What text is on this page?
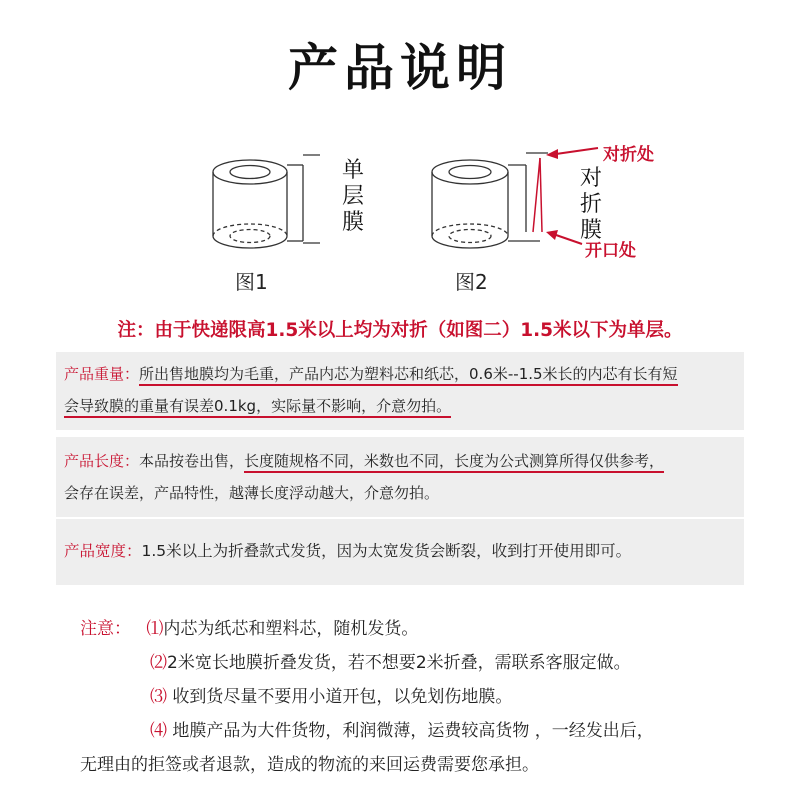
产品说明
单层膜
对折膜
对折处
开口处
图1	图2
注：由于快递限高1.5米以上均为对折（如图二）1.5米以下为单层。
产品重量：所出售地膜均为毛重，产品内芯为塑料芯和纸芯，0.6米--1.5米长的内芯有长有短
会导致膜的重量有误差0.1kg，实际量不影响，介意勿拍。
产品长度：本品按卷出售，长度随规格不同，米数也不同，长度为公式测算所得仅供参考，
会存在误差，产品特性，越薄长度浮动越大，介意勿拍。
产品宽度：1.5米以上为折叠款式发货，因为太宽发货会断裂，收到打开使用即可。
注意： ⑴内芯为纸芯和塑料芯，随机发货。
⑵2米宽长地膜折叠发货，若不想要2米折叠，需联系客服定做。
⑶ 收到货尽量不要用小道开包，以免划伤地膜。
⑷ 地膜产品为大件货物，利润微薄，运费较高货物 ，一经发出后，
无理由的拒签或者退款，造成的物流的来回运费需要您承担。
